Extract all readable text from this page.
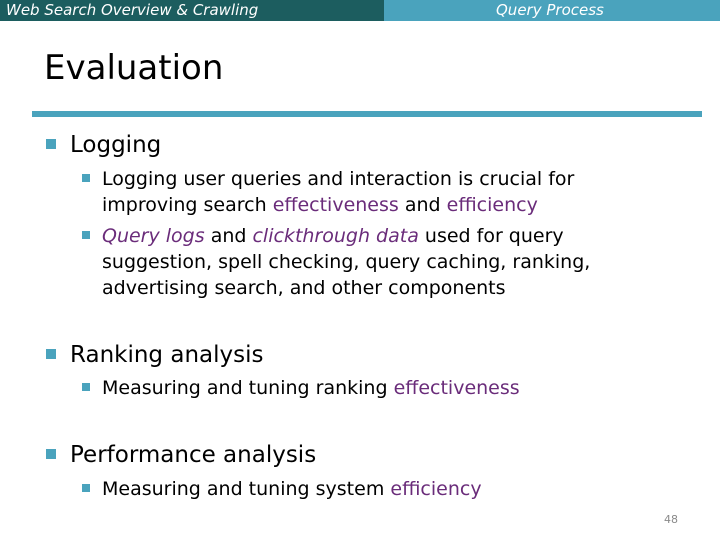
Web Search Overview & Crawling	Query Process
Evaluation
Logging
Logging user queries and interaction is crucial for
improving search effectiveness and efficiency
Query logs and clickthrough data used for query
suggestion, spell checking, query caching, ranking,
advertising search, and other components
Ranking analysis
Measuring and tuning ranking effectiveness
Performance analysis
Measuring and tuning system efficiency
48
